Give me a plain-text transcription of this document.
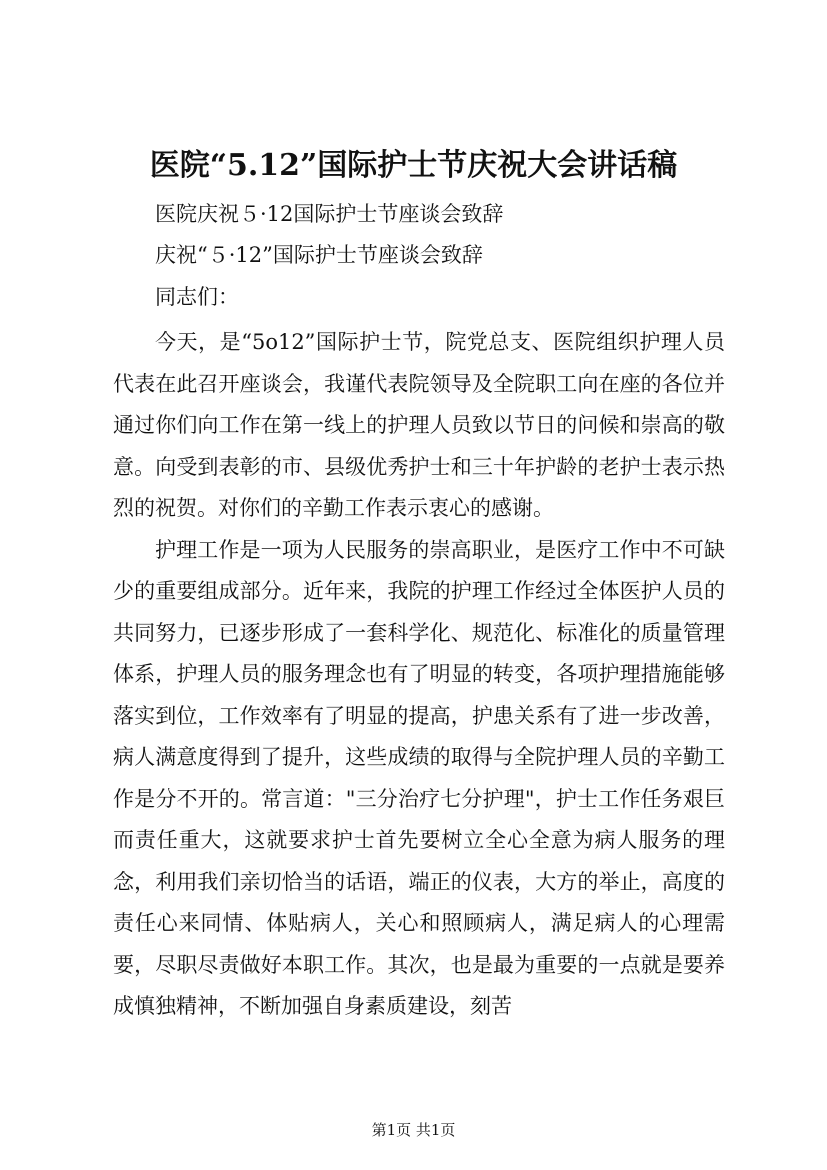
医院“5.12”国际护士节庆祝大会讲话稿
医院庆祝５·12国际护士节座谈会致辞
庆祝“５·12”国际护士节座谈会致辞
同志们：

今天，是“5o12”国际护士节，院党总支、医院组织护理人员代表在此召开座谈会，我谨代表院领导及全院职工向在座的各位并通过你们向工作在第一线上的护理人员致以节日的问候和崇高的敬意。向受到表彰的市、县级优秀护士和三十年护龄的老护士表示热烈的祝贺。对你们的辛勤工作表示衷心的感谢。

护理工作是一项为人民服务的崇高职业，是医疗工作中不可缺少的重要组成部分。近年来，我院的护理工作经过全体医护人员的共同努力，已逐步形成了一套科学化、规范化、标准化的质量管理体系，护理人员的服务理念也有了明显的转变，各项护理措施能够落实到位，工作效率有了明显的提高，护患关系有了进一步改善，病人满意度得到了提升，这些成绩的取得与全院护理人员的辛勤工作是分不开的。常言道："三分治疗七分护理"，护士工作任务艰巨而责任重大，这就要求护士首先要树立全心全意为病人服务的理念，利用我们亲切恰当的话语，端正的仪表，大方的举止，高度的责任心来同情、体贴病人，关心和照顾病人，满足病人的心理需要，尽职尽责做好本职工作。其次，也是最为重要的一点就是要养成慎独精神，不断加强自身素质建设，刻苦

第1页 共1页
